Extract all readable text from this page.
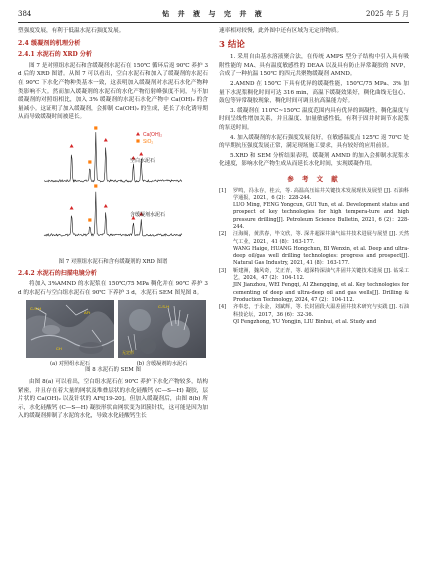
384	钻 井 液 与 完 井 液	2025 年 5 月

塑强度发展，有利于低温水泥石强度发展。

2.4 缓凝剂的机理分析
2.4.1 水泥石的 XRD 分析

图 7 是对照组水泥石和含缓凝剂水泥石在 150℃ 循环后返 90℃ 养护 3 d 后的 XRD 图谱。从图 7 可以看出，空白水泥石和加入了缓凝剂的水泥石在 90℃ 下水化产物种类基本一致，这表明加入缓凝剂对水泥石水化产物种类影响不大。然而加入缓凝剂的水泥石的水化产物衍射峰强度不同，与不加缓凝剂的对照组相比，加入 3% 缓凝剂的水泥石水化产物中 Ca(OH)₂ 的含量减小。这证明了加入缓凝剂，会抑制 Ca(OH)₂ 的生成，延长了水化诱导期从而导致缓凝时间被延长。

Ca(OH)₂
SiO₂
空白水泥石
含缓凝剂水泥石
图 7 对照组水泥石和含有缓凝剂的 XRD 图谱
2.4.2 水泥石的扫描电镜分析

将加入 3%AMND 的水泥浆在 150℃/75 MPa 稠化并在 90℃ 养护 3 d 的水泥石与空白组水泥石在 90℃ 下养护 3 d，水泥石 SEM 图见图 8。

C-S-H
AFt
CH
C-S-H
无定形
(a) 对照组水泥石	(b) 含缓凝剂的水泥石
图 8 水泥石的 SEM 图

由图 8(a) 可以看出，空白组水泥石在 90℃ 养护下水化产物较多，结构紧密，并且存在着大量的网状及堆叠层状的水化硅酸钙 (C—S—H) 凝胶，层片状的 Ca(OH)₂ 以及针状的 AFt[19-20]。但加入缓凝剂后，由图 8(b) 所示，水化硅酸钙 (C—S—H) 凝胶形状由网状变为团簇针状，这可能是因为加入的缓凝剂抑制了水泥的水化，导致水化硅酸钙生长

速率相对较慢，此外图中还有区域为无定形物质。

3 结论

1. 采用自由基水溶液聚合法，在传统 AMPS 型分子结构中引入具有吸附性能的 MA、具有温度敏感性的 DEAA 以及具有防止异常凝胶的 NVP，合成了一种抗温 150℃ 的四元共聚物缓凝剂 AMND。

2.AMND 在 150℃ 下具有优异的缓凝性能，150℃/75 MPa、3% 加量下水泥浆稠化时间可达 316 min，高温下缓凝效果好，稠化曲线无包心、鼓包等异常凝胶现象，稠化时间可调且抗高温能力好。

3. 缓凝剂在 110℃~150℃ 温度范围内具有优异的调凝性，稠化温度与时间呈线性增加关系，并且温度、加量敏感性低，有利于固井时调节水泥浆的泵送时间。

4. 加入缓凝剂的水泥石强度发展良好，在敏感温度点 125℃ 返 70℃ 处的早期抗压强度发展正常，满足现场施工要求，具有较好的应用前景。

5.XRD 和 SEM 分析结果表明，缓凝剂 AMND 的加入会抑制水泥浆水化速度，影响水化产物生成从而延长水化时间，实现缓凝作用。

参 考 文 献
[1] 罗鸣，冯永存，桂云，等. 高温高压钻井关键技术发展现状及展望 [J]. 石油科学通报，2021，6 (2)：228-244.
LUO Ming, FENG Yongcun, GUI Yun, et al. Development status and prospect of key technologies for high tempera-ture and high pressure drilling[J]. Petroleum Science Bulletin, 2021, 6 (2)：228-244.
[2] 汪海阁，黄洪春，毕文欣，等. 深井超深井油气钻井技术进展与展望 [J]. 天然气工业，2021，41 (8)：163-177.
WANG Haige, HUANG Hongchun, BI Wenxin, et al. Deep and ultra-deep oil/gas well drilling technologies: progress and prospect[J]. Natural Gas Industry, 2021, 41 (8)：163-177.
[3] 靳建洲，魏风奇，艾正青，等. 超深特深油气井固井关键技术进展 [J]. 钻采工艺，2024，47 (2)：104-112.
JIN Jianzhou, WEI Fengqi, AI Zhengqing, et al. Key technologies for cementing of deep and ultra-deep oil and gas wells[J]. Drilling & Production Technology, 2024, 47 (2)：104-112.
[4] 齐奉忠，于永金，刘斌辉，等. 长封固段大温差固井技术研究与实践 [J]. 石油科技论坛，2017，36 (6)：32-36.
QI Fengzhong, YU Yongjin, LIU Binhui, et al. Study and
